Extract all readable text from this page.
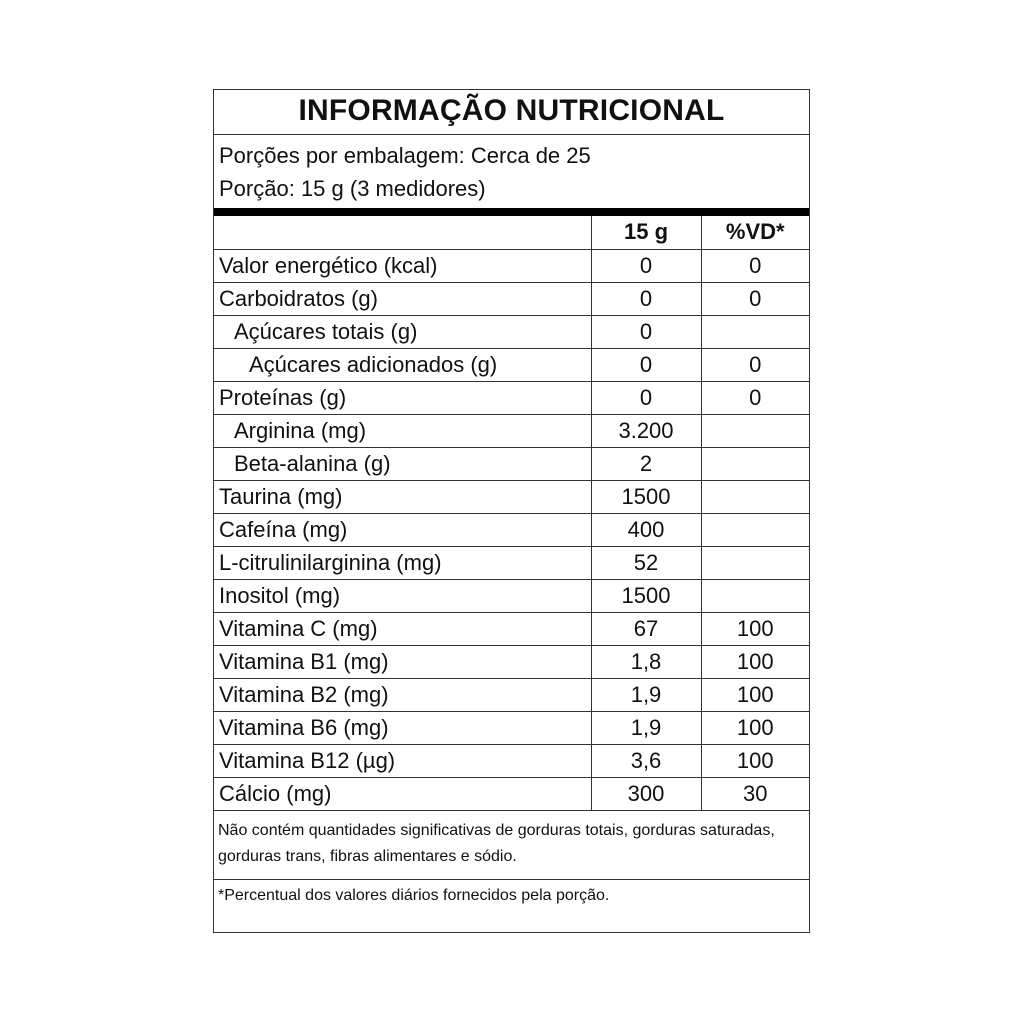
INFORMAÇÃO NUTRICIONAL
Porções por embalagem: Cerca de 25
Porção: 15 g (3 medidores)
	15 g	%VD*
Valor energético (kcal)	0	0
Carboidratos (g)	0	0
Açúcares totais (g)	0	
Açúcares adicionados (g)	0	0
Proteínas (g)	0	0
Arginina (mg)	3.200	
Beta-alanina (g)	2	
Taurina (mg)	1500	
Cafeína (mg)	400	
L-citrulinilarginina (mg)	52	
Inositol (mg)	1500	
Vitamina C (mg)	67	100
Vitamina B1 (mg)	1,8	100
Vitamina B2 (mg)	1,9	100
Vitamina B6 (mg)	1,9	100
Vitamina B12 (µg)	3,6	100
Cálcio (mg)	300	30
Não contém quantidades significativas de gorduras totais, gorduras saturadas, gorduras trans, fibras alimentares e sódio.
*Percentual dos valores diários fornecidos pela porção.
